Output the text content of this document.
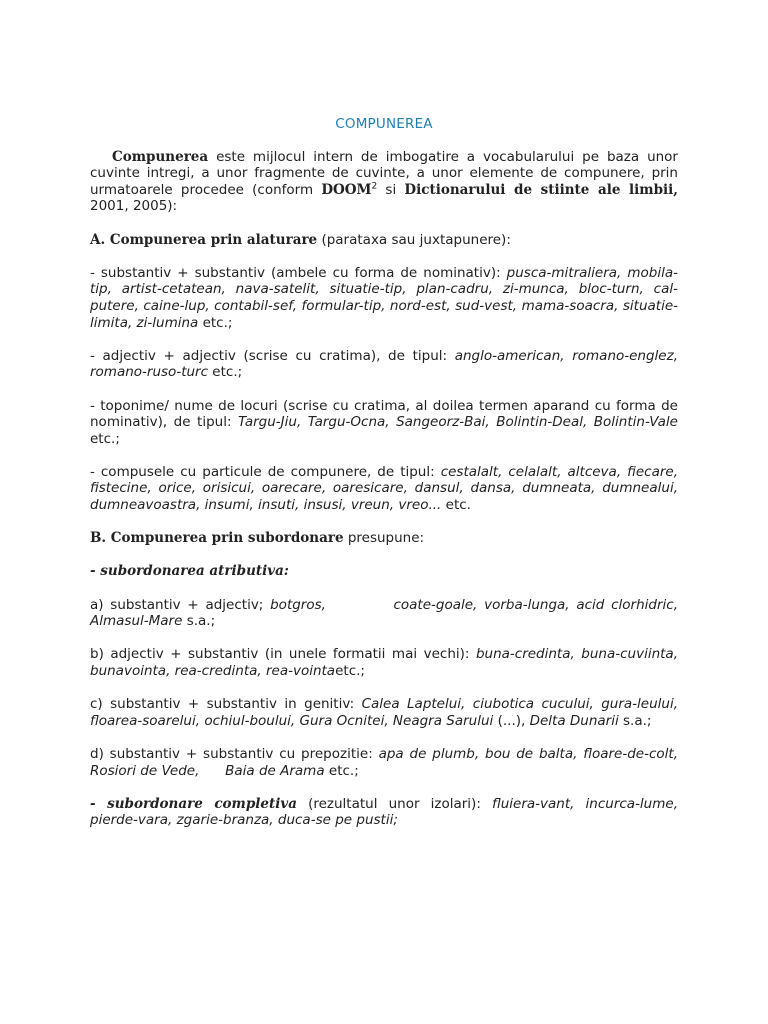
COMPUNEREA

Compunerea este mijlocul intern de imbogatire a vocabularului pe baza unor cuvinte intregi, a unor fragmente de cuvinte, a unor elemente de compunere, prin urmatoarele procedee (conform DOOM$^2$ si Dictionarului de stiinte ale limbii, 2001, 2005):

A. Compunerea prin alaturare (parataxa sau juxtapunere):

- substantiv + substantiv (ambele cu forma de nominativ): pusca-mitraliera, mobila-tip, artist-cetatean, nava-satelit, situatie-tip, plan-cadru, zi-munca, bloc-turn, cal-putere, caine-lup, contabil-sef, formular-tip, nord-est, sud-vest, mama-soacra, situatie-limita, zi-lumina etc.;

- adjectiv + adjectiv (scrise cu cratima), de tipul: anglo-american, romano-englez, romano-ruso-turc etc.;

- toponime/ nume de locuri (scrise cu cratima, al doilea termen aparand cu forma de nominativ), de tipul: Targu-Jiu, Targu-Ocna, Sangeorz-Bai, Bolintin-Deal, Bolintin-Vale etc.;

- compusele cu particule de compunere, de tipul: cestalalt, celalalt, altceva, fiecare, fistecine, orice, orisicui, oarecare, oaresicare, dansul, dansa, dumneata, dumnealui, dumneavoastra, insumi, insuti, insusi, vreun, vreo... etc.

B. Compunerea prin subordonare presupune:

- subordonarea atributiva:

a) substantiv + adjectiv; botgros,          coate-goale, vorba-lunga, acid clorhidric, Almasul-Mare s.a.;

b) adjectiv + substantiv (in unele formatii mai vechi): buna-credinta, buna-cuviinta, bunavointa, rea-credinta, rea-vointaetc.;

c) substantiv + substantiv in genitiv: Calea Laptelui, ciubotica cucului, gura-leului, floarea-soarelui, ochiul-boului, Gura Ocnitei, Neagra Sarului (...), Delta Dunarii s.a.;

d) substantiv + substantiv cu prepozitie: apa de plumb, bou de balta, floare-de-colt, Rosiori de Vede,      Baia de Arama etc.;

- subordonare completiva (rezultatul unor izolari): fluiera-vant, incurca-lume, pierde-vara, zgarie-branza, duca-se pe pustii;
